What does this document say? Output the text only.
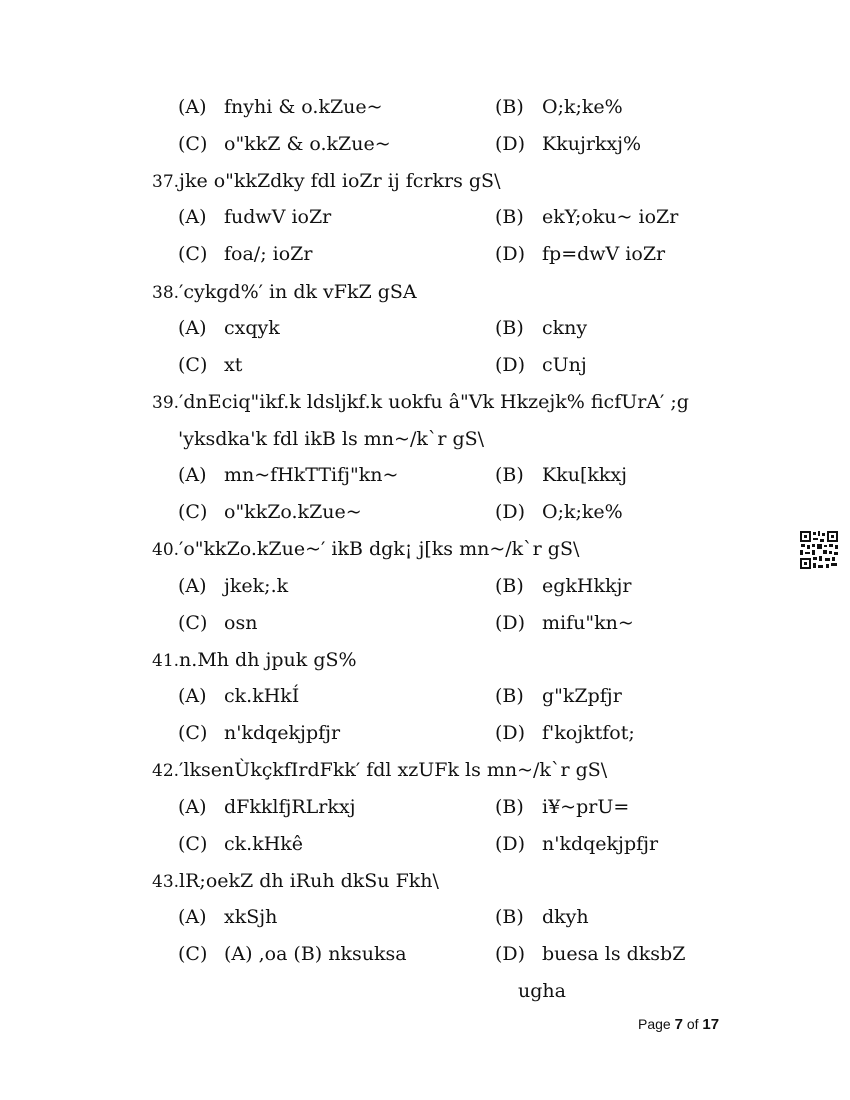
(A) fnyhi & o.kZue~	(B) O;k;ke%
(C) o"kkZ & o.kZue~	(D) Kkujrkxj%
37.jke o"kkZdky fdl ioZr ij fcrkrs gS\
(A) fudwV ioZr	(B) ekY;oku~ ioZr
(C) foa/; ioZr	(D) fp=dwV ioZr
38.′cykgd%′ in dk vFkZ gSA
(A) cxqyk	(B) ckny
(C) xt	(D) cUnj
39.′dnEciq"ikf.k ldsljkf.k uokfu â"Vk Hkzejk% ficfUrA′ ;g
'yksdka'k fdl ikB ls mn~/k`r gS\
(A) mn~fHkTTifj"kn~	(B) Kku[kkxj
(C) o"kkZo.kZue~	(D) O;k;ke%
40.′o"kkZo.kZue~′ ikB dgk¡ j[ks mn~/k`r gS\
(A) jkek;.k	(B) egkHkkjr
(C) osn	(D) mifu"kn~
41.n.Mh dh jpuk gS%
(A) ck.kHkÍ	(B) g"kZpfjr
(C) n'kdqekjpfjr	(D) f'kojktfot;
42.′lksenÙkçkfIrdFkk′ fdl xzUFk ls mn~/k`r gS\
(A) dFkklfjRLrkxj	(B) i¥~prU=
(C) ck.kHkê	(D) n'kdqekjpfjr
43.lR;oekZ dh iRuh dkSu Fkh\
(A) xkSjh	(B) dkyh
(C) (A) ,oa (B) nksuksa	(D) buesa ls dksbZ
ugha
Page 7 of 17
